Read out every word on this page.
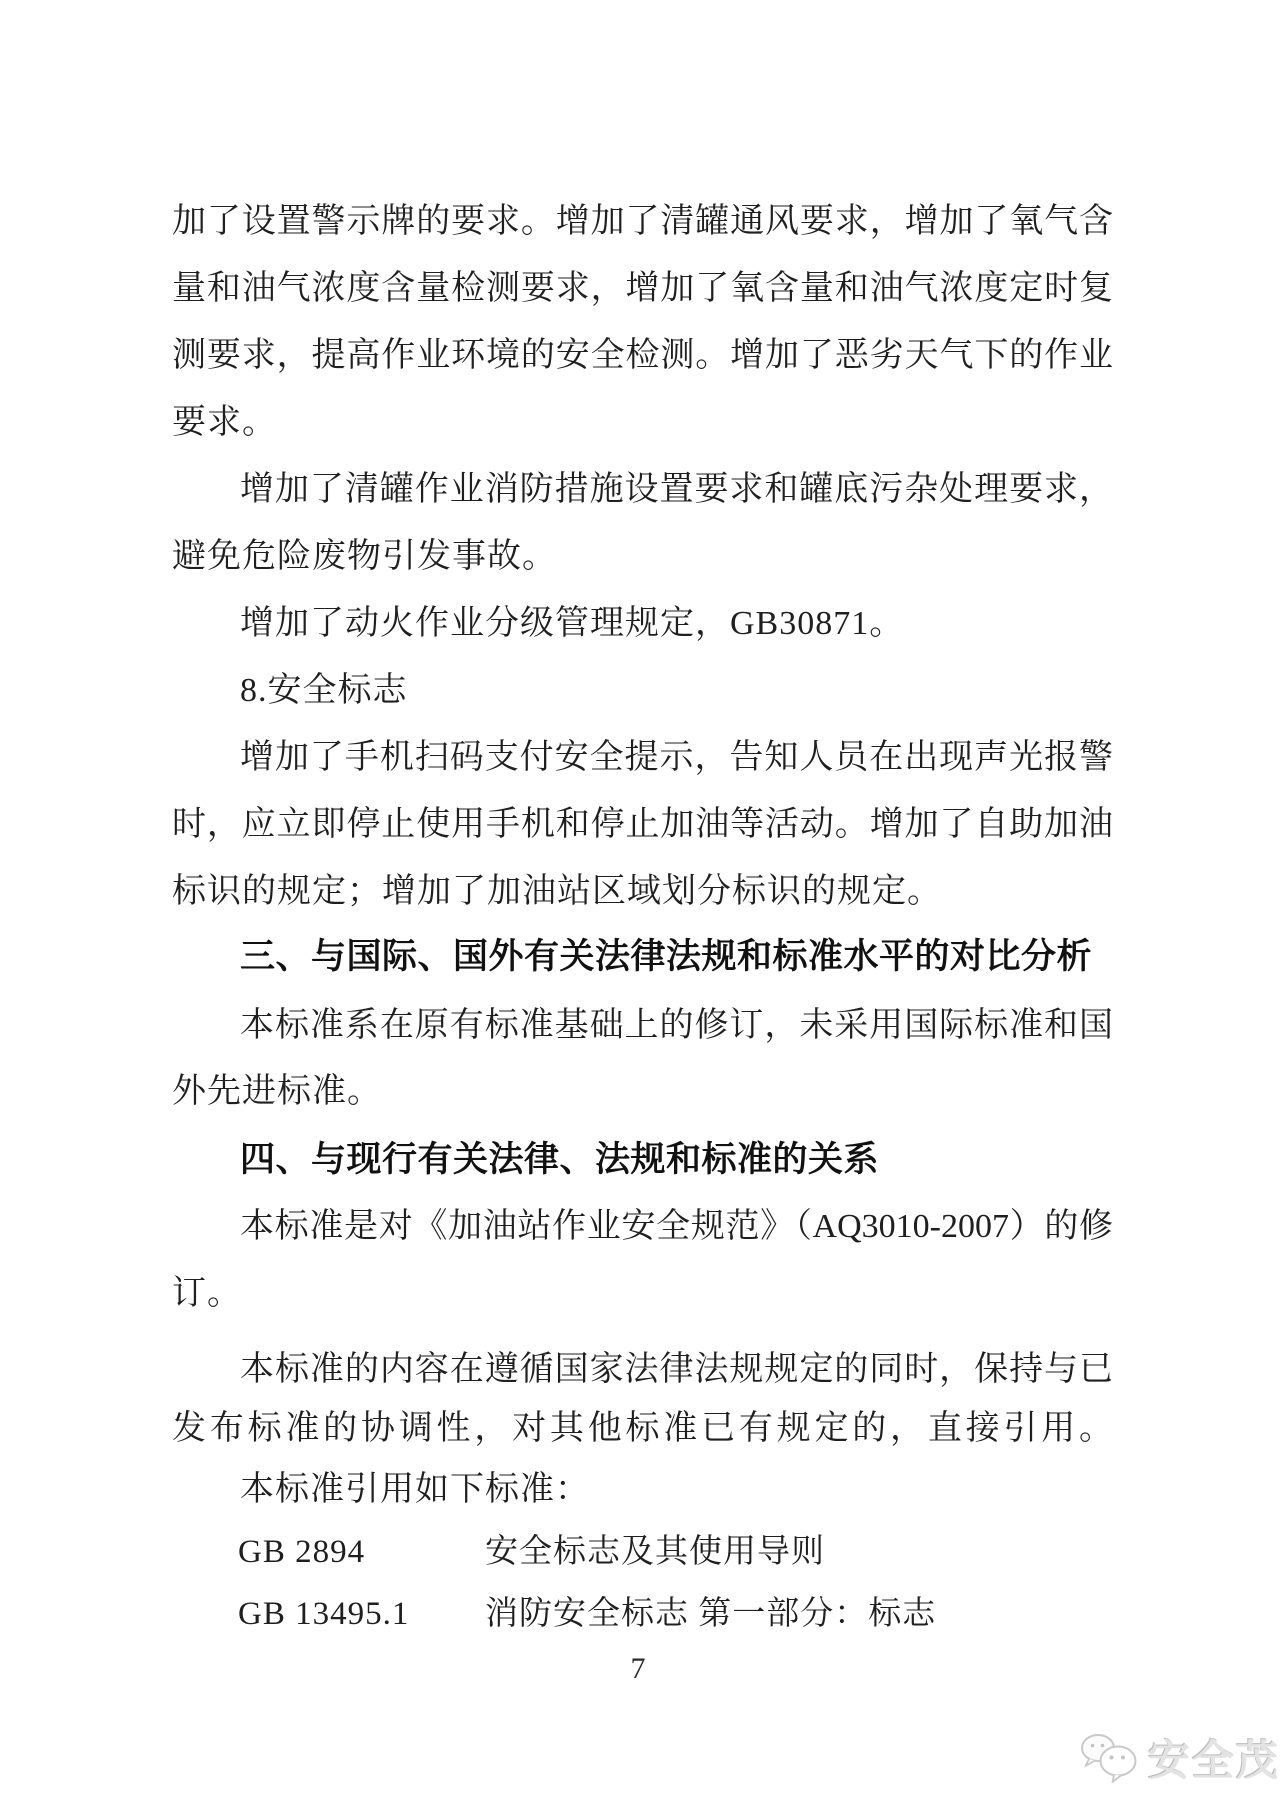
加了设置警示牌的要求。增加了清罐通风要求，增加了氧气含
量和油气浓度含量检测要求，增加了氧含量和油气浓度定时复
测要求，提高作业环境的安全检测。增加了恶劣天气下的作业
要求。
增加了清罐作业消防措施设置要求和罐底污杂处理要求，
避免危险废物引发事故。
增加了动火作业分级管理规定，GB30871。
8.安全标志
增加了手机扫码支付安全提示，告知人员在出现声光报警
时，应立即停止使用手机和停止加油等活动。增加了自助加油
标识的规定；增加了加油站区域划分标识的规定。
三、与国际、国外有关法律法规和标准水平的对比分析
本标准系在原有标准基础上的修订，未采用国际标准和国
外先进标准。
四、与现行有关法律、法规和标准的关系
本标准是对《加油站作业安全规范》（AQ3010-2007）的修
订。
本标准的内容在遵循国家法律法规规定的同时，保持与已
发布标准的协调性，对其他标准已有规定的，直接引用。
本标准引用如下标准：
GB 2894	安全标志及其使用导则
GB 13495.1 消防安全标志 第一部分：标志
7
安全茂
